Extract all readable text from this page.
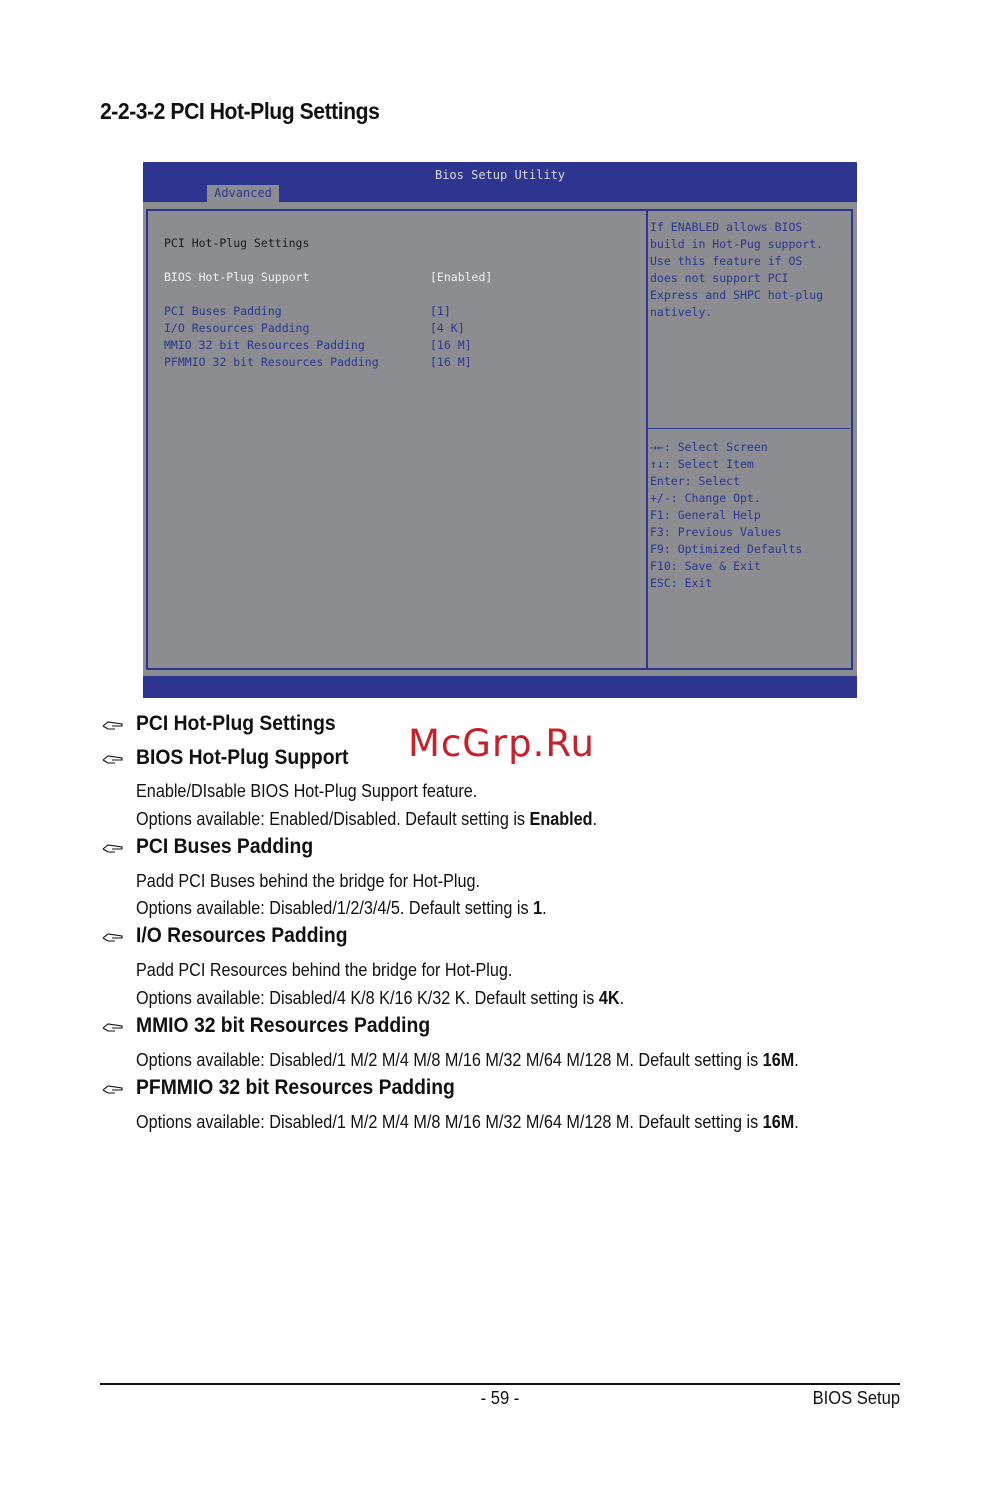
2-2-3-2 PCI Hot-Plug Settings
Bios Setup Utility
Advanced
PCI Hot-Plug Settings
BIOS Hot-Plug Support	[Enabled]
PCI Buses Padding	[1]
I/O Resources Padding	[4 K]
MMIO 32 bit Resources Padding	[16 M]
PFMMIO 32 bit Resources Padding	[16 M]
If ENABLED allows BIOS
build in Hot-Pug support.
Use this feature if OS
does not support PCI
Express and SHPC hot-plug
natively.
→←: Select Screen
↑↓: Select Item
Enter: Select
+/-: Change Opt.
F1: General Help
F3: Previous Values
F9: Optimized Defaults
F10: Save & Exit
ESC: Exit
McGrp.Ru
PCI Hot-Plug Settings
BIOS Hot-Plug Support
Enable/DIsable BIOS Hot-Plug Support feature.
Options available: Enabled/Disabled. Default setting is Enabled.
PCI Buses Padding
Padd PCI Buses behind the bridge for Hot-Plug.
Options available: Disabled/1/2/3/4/5. Default setting is 1.
I/O Resources Padding
Padd PCI Resources behind the bridge for Hot-Plug.
Options available: Disabled/4 K/8 K/16 K/32 K. Default setting is 4K.
MMIO 32 bit Resources Padding
Options available: Disabled/1 M/2 M/4 M/8 M/16 M/32 M/64 M/128 M. Default setting is 16M.
PFMMIO 32 bit Resources Padding
Options available: Disabled/1 M/2 M/4 M/8 M/16 M/32 M/64 M/128 M. Default setting is 16M.
- 59 -	BIOS Setup
